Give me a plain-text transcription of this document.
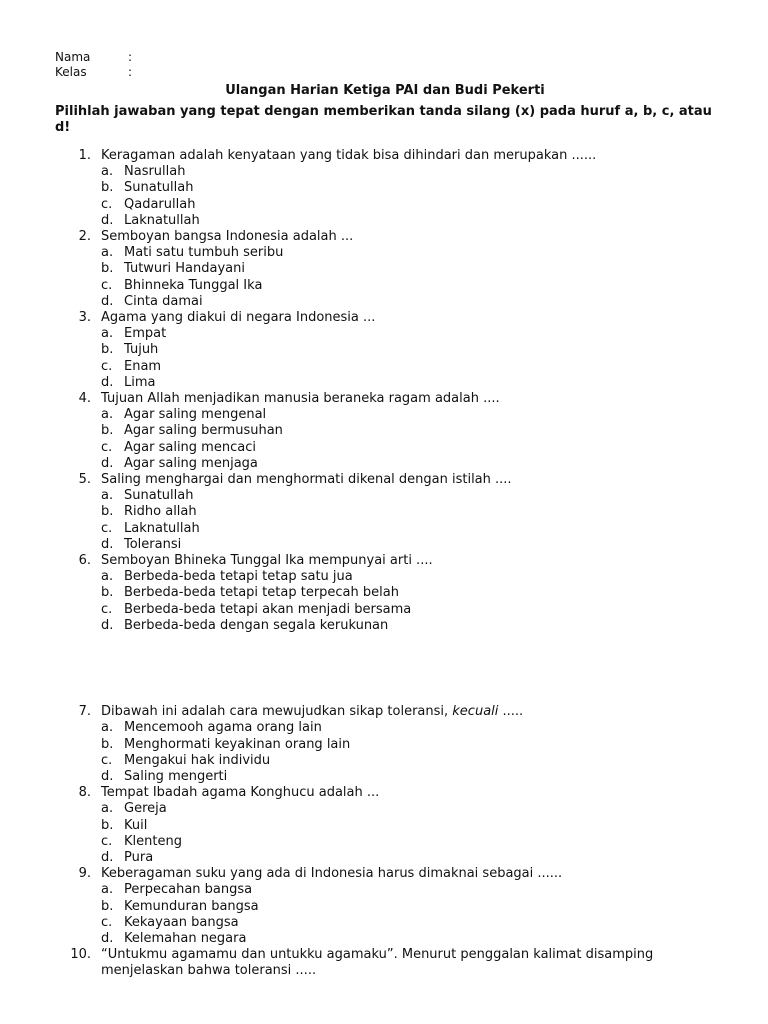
Nama	:
Kelas	:
Ulangan Harian Ketiga PAI dan Budi Pekerti
Pilihlah jawaban yang tepat dengan memberikan tanda silang (x) pada huruf a, b, c, atau d!
1. Keragaman adalah kenyataan yang tidak bisa dihindari dan merupakan ......
a. Nasrullah
b. Sunatullah
c. Qadarullah
d. Laknatullah
2. Semboyan bangsa Indonesia adalah ...
a. Mati satu tumbuh seribu
b. Tutwuri Handayani
c. Bhinneka Tunggal Ika
d. Cinta damai
3. Agama yang diakui di negara Indonesia ...
a. Empat
b. Tujuh
c. Enam
d. Lima
4. Tujuan Allah menjadikan manusia beraneka ragam adalah ....
a. Agar saling mengenal
b. Agar saling bermusuhan
c. Agar saling mencaci
d. Agar saling menjaga
5. Saling menghargai dan menghormati dikenal dengan istilah ....
a. Sunatullah
b. Ridho allah
c. Laknatullah
d. Toleransi
6. Semboyan Bhineka Tunggal Ika mempunyai arti ....
a. Berbeda-beda tetapi tetap satu jua
b. Berbeda-beda tetapi tetap terpecah belah
c. Berbeda-beda tetapi akan menjadi bersama
d. Berbeda-beda dengan segala kerukunan
7. Dibawah ini adalah cara mewujudkan sikap toleransi, kecuali .....
a. Mencemooh agama orang lain
b. Menghormati keyakinan orang lain
c. Mengakui hak individu
d. Saling mengerti
8. Tempat Ibadah agama Konghucu adalah ...
a. Gereja
b. Kuil
c. Klenteng
d. Pura
9. Keberagaman suku yang ada di Indonesia harus dimaknai sebagai ......
a. Perpecahan bangsa
b. Kemunduran bangsa
c. Kekayaan bangsa
d. Kelemahan negara
10. “Untukmu agamamu dan untukku agamaku”. Menurut penggalan kalimat disamping
menjelaskan bahwa toleransi .....
